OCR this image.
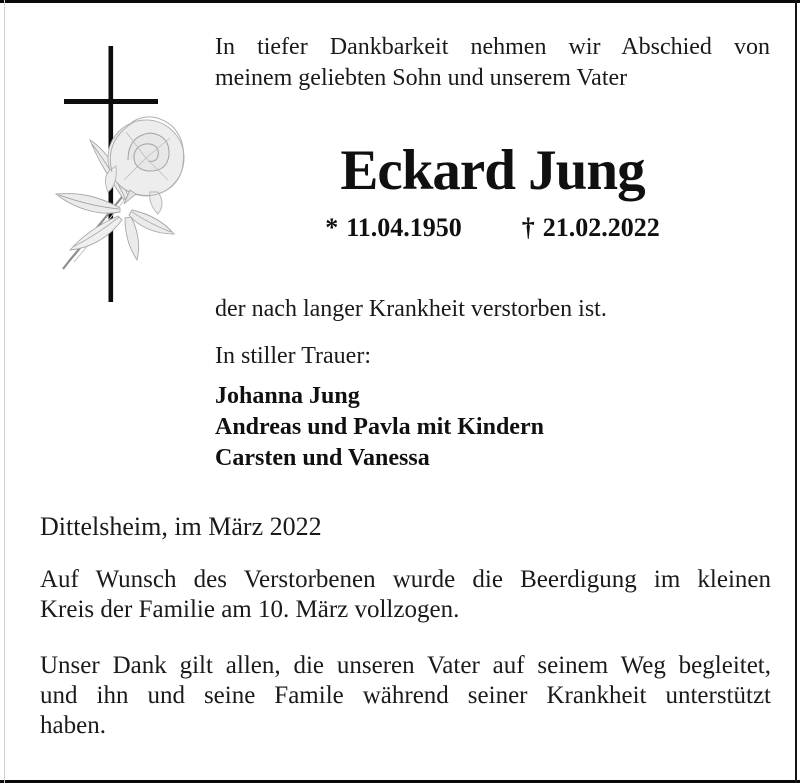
In tiefer Dankbarkeit nehmen wir Abschied von
meinem geliebten Sohn und unserem Vater
Eckard Jung
* 11.04.1950 † 21.02.2022
der nach langer Krankheit verstorben ist.
In stiller Trauer:
Johanna Jung
Andreas und Pavla mit Kindern
Carsten und Vanessa
Dittelsheim, im März 2022
Auf Wunsch des Verstorbenen wurde die Beerdigung im kleinen
Kreis der Familie am 10. März vollzogen.
Unser Dank gilt allen, die unseren Vater auf seinem Weg begleitet,
und ihn und seine Famile während seiner Krankheit unterstützt
haben.
